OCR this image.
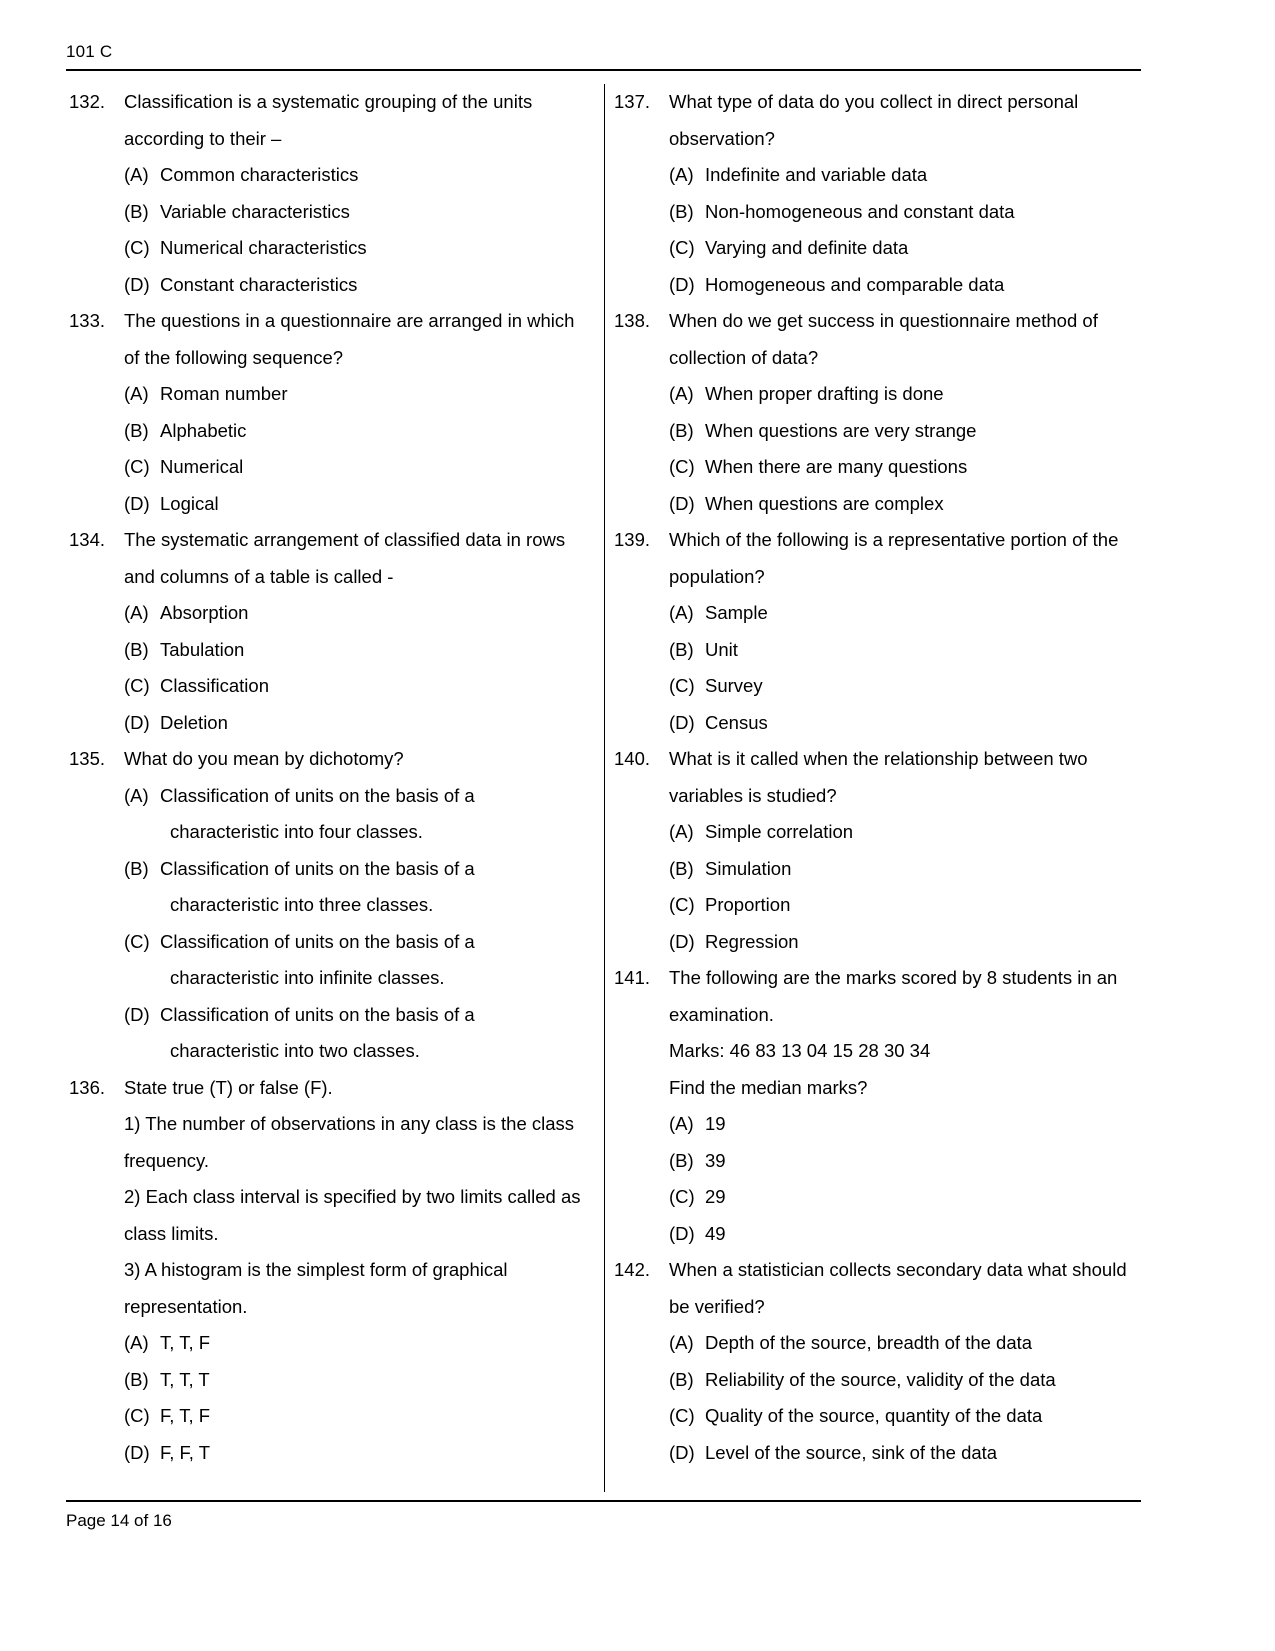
101 C
132.	Classification is a systematic grouping of the units according to their –
(A) Common characteristics
(B) Variable characteristics
(C) Numerical characteristics
(D) Constant characteristics
133.	The questions in a questionnaire are arranged in which of the following sequence?
(A) Roman number
(B) Alphabetic
(C) Numerical
(D) Logical
134.	The systematic arrangement of classified data in rows and columns of a table is called -
(A) Absorption
(B) Tabulation
(C) Classification
(D) Deletion
135.	What do you mean by dichotomy?
(A) Classification of units on the basis of a
characteristic into four classes.
(B) Classification of units on the basis of a
characteristic into three classes.
(C) Classification of units on the basis of a
characteristic into infinite classes.
(D) Classification of units on the basis of a
characteristic into two classes.
136.	State true (T) or false (F).
1) The number of observations in any class is the class frequency.
2) Each class interval is specified by two limits called as class limits.
3) A histogram is the simplest form of graphical representation.
(A) T, T, F
(B) T, T, T
(C) F, T, F
(D) F, F, T
137.	What type of data do you collect in direct personal observation?
(A) Indefinite and variable data
(B) Non-homogeneous and constant data
(C) Varying and definite data
(D) Homogeneous and comparable data
138.	When do we get success in questionnaire method of collection of data?
(A) When proper drafting is done
(B) When questions are very strange
(C) When there are many questions
(D) When questions are complex
139.	Which of the following is a representative portion of the population?
(A) Sample
(B) Unit
(C) Survey
(D) Census
140.	What is it called when the relationship between two variables is studied?
(A) Simple correlation
(B) Simulation
(C) Proportion
(D) Regression
141.	The following are the marks scored by 8 students in an examination.
Marks: 46 83 13 04 15 28 30 34
Find the median marks?
(A) 19
(B) 39
(C) 29
(D) 49
142.	When a statistician collects secondary data what should be verified?
(A) Depth of the source, breadth of the data
(B) Reliability of the source, validity of the data
(C) Quality of the source, quantity of the data
(D) Level of the source, sink of the data
Page 14 of 16
